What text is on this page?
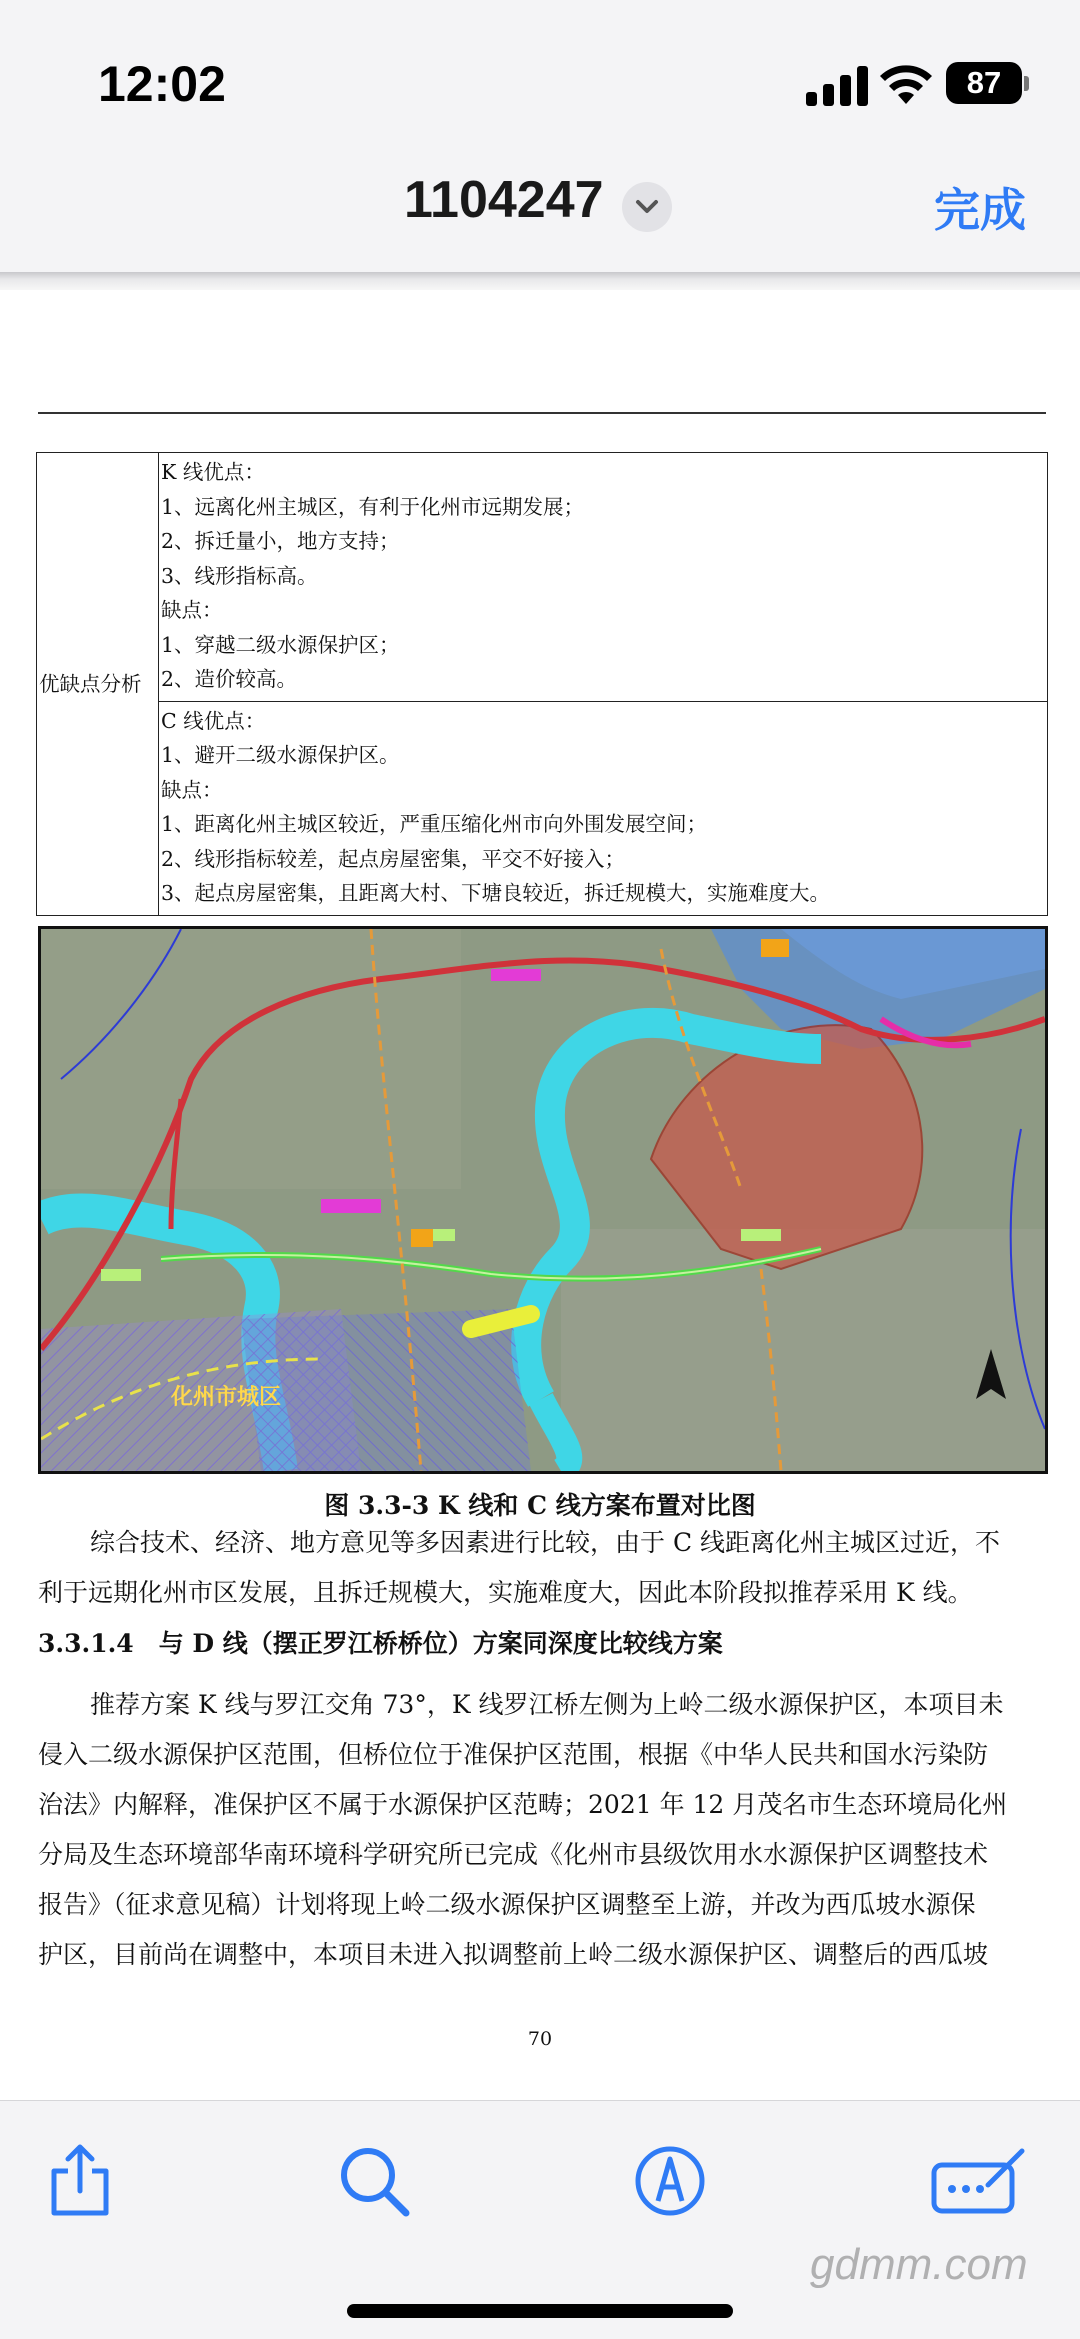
12:02	87
1104247	完成
优缺点分析	
K 线优点：
1、远离化州主城区，有利于化州市远期发展；
2、拆迁量小，地方支持；
3、线形指标高。
缺点：
1、穿越二级水源保护区；
2、造价较高。

C 线优点：
1、避开二级水源保护区。
缺点：
1、距离化州主城区较近，严重压缩化州市向外围发展空间；
2、线形指标较差，起点房屋密集，平交不好接入；
3、起点房屋密集，且距离大村、下塘良较近，拆迁规模大，实施难度大。
化州市城区
图 3.3-3 K 线和 C 线方案布置对比图
综合技术、经济、地方意见等多因素进行比较，由于 C 线距离化州主城区过近，不
利于远期化州市区发展，且拆迁规模大，实施难度大，因此本阶段拟推荐采用 K 线。
3.3.1.4　与 D 线（摆正罗江桥桥位）方案同深度比较线方案
推荐方案 K 线与罗江交角 73°，K 线罗江桥左侧为上岭二级水源保护区，本项目未
侵入二级水源保护区范围，但桥位位于准保护区范围，根据《中华人民共和国水污染防
治法》内解释，准保护区不属于水源保护区范畴；2021 年 12 月茂名市生态环境局化州
分局及生态环境部华南环境科学研究所已完成《化州市县级饮用水水源保护区调整技术
报告》（征求意见稿）计划将现上岭二级水源保护区调整至上游，并改为西瓜坡水源保
护区，目前尚在调整中，本项目未进入拟调整前上岭二级水源保护区、调整后的西瓜坡
70
gdmm.com
